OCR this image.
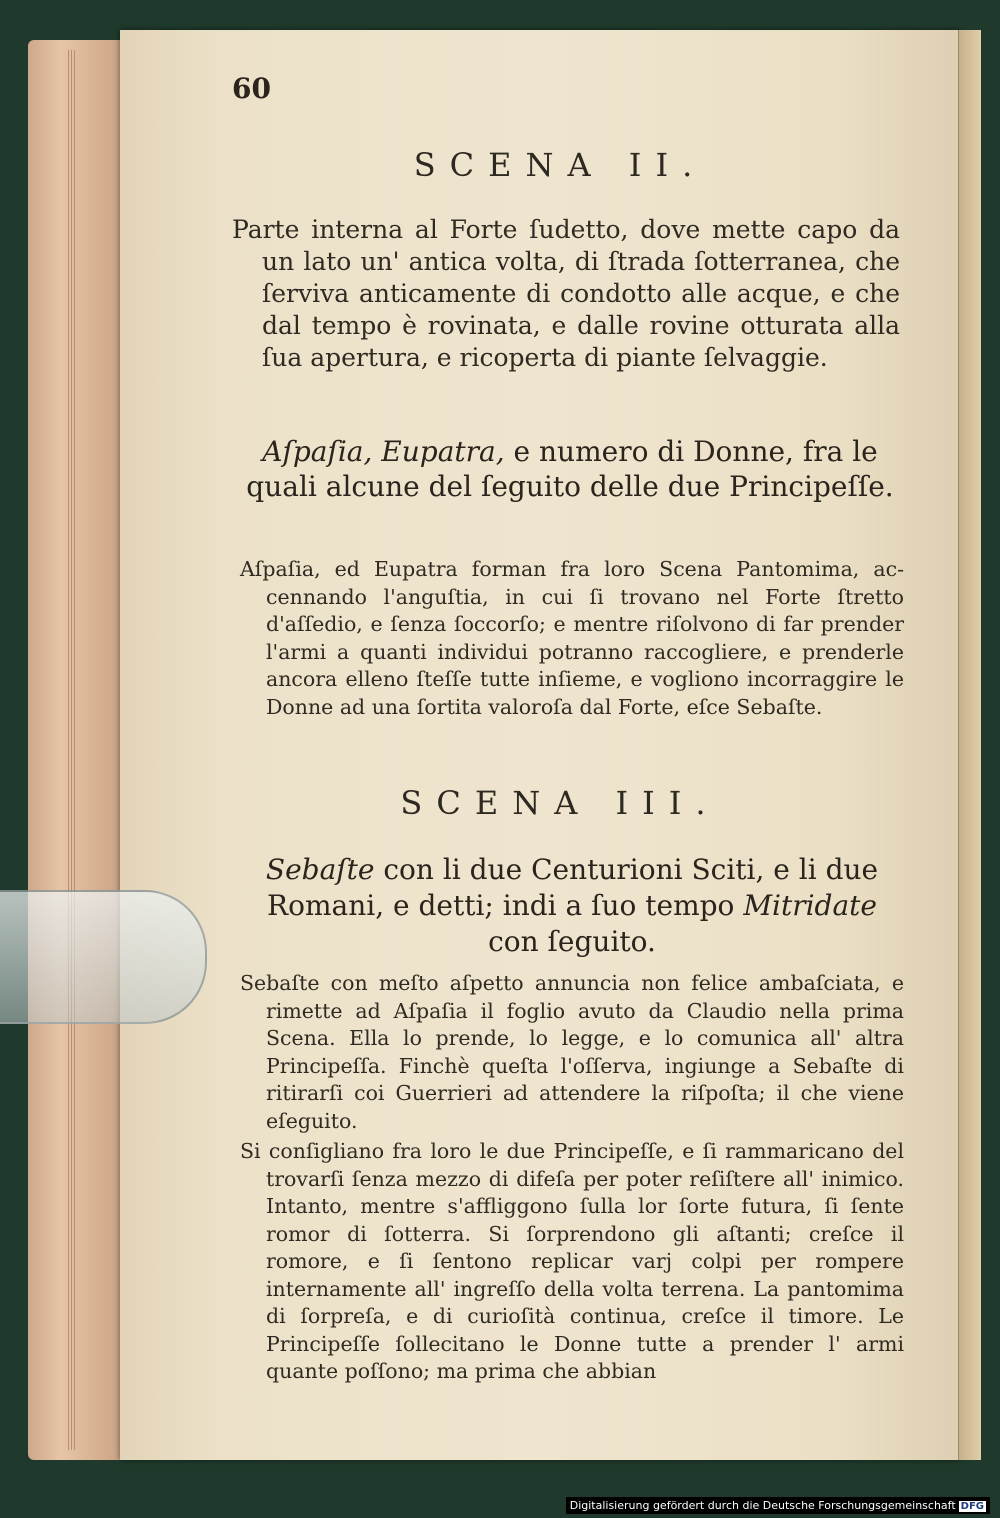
60
SCENA II.
Parte interna al Forte ſudetto, dove mette capo da un lato un' antica volta, di ſtrada ſotterranea, che ſerviva anticamente di condotto alle acque, e che dal tempo è rovinata, e dalle rovine otturata alla ſua apertura, e ricoperta di piante ſelvaggie.
Aſpaſia, Eupatra, e numero di Donne, fra le quali alcune del ſeguito delle due Principeſſe.
Aſpaſia, ed Eupatra forman fra loro Scena Pantomima, ac- cennando l'anguſtia, in cui ſi trovano nel Forte ſtretto d'aſſedio, e ſenza ſoccorſo; e mentre riſolvono di far prender l'armi a quanti individui potranno raccogliere, e prenderle ancora elleno ſteſſe tutte inſieme, e vogliono incorraggire le Donne ad una ſortita valoroſa dal Forte, eſce Sebaſte.
SCENA III.
Sebaſte con li due Centurioni Sciti, e li due Romani, e detti; indi a ſuo tempo Mitridate con ſeguito.
Sebaſte con meſto aſpetto annuncia non felice ambaſciata, e rimette ad Aſpaſia il foglio avuto da Claudio nella prima Scena. Ella lo prende, lo legge, e lo comunica all' altra Principeſſa. Finchè queſta l'oſſerva, ingiunge a Sebaſte di ritirarſi coi Guerrieri ad attendere la riſpoſta; il che viene eſeguito.
Si conſigliano fra loro le due Principeſſe, e ſi rammaricano del trovarſi ſenza mezzo di difeſa per poter reſiſtere all' inimico. Intanto, mentre s'affliggono ſulla lor ſorte futura, ſi ſente romor di ſotterra. Si ſorprendono gli aſtanti; creſce il romore, e ſi ſentono replicar varj colpi per rompere internamente all' ingreſſo della volta terrena. La pantomima di ſorpreſa, e di curioſità continua, creſce il timore. Le Principeſſe ſollecitano le Donne tutte a prender l' armi quante poſſono; ma prima che abbian
Digitalisierung gefördert durch die Deutsche Forschungsgemeinschaft DFG
